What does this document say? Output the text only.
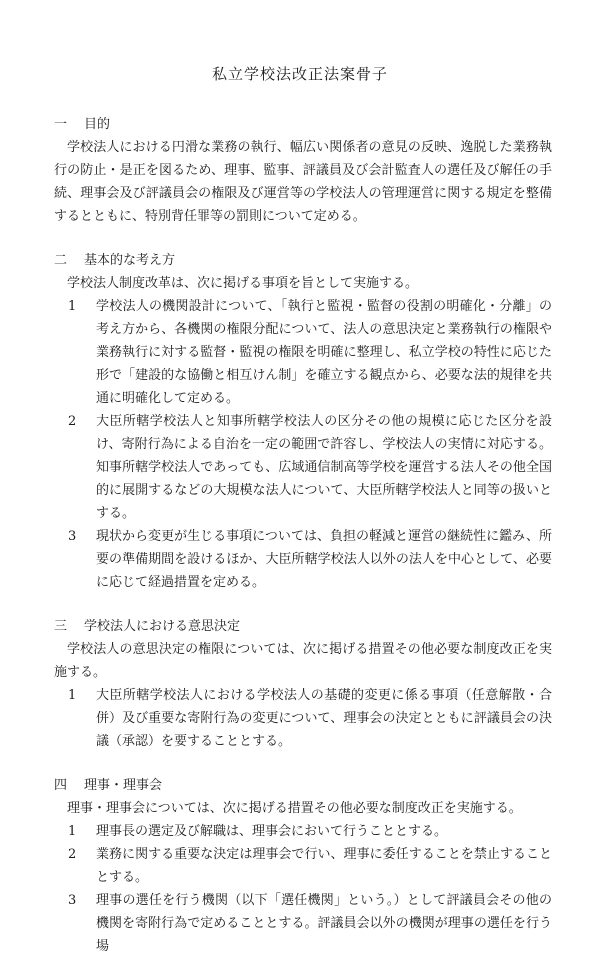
私立学校法改正法案骨子

一 目的

学校法人における円滑な業務の執行、幅広い関係者の意見の反映、逸脱した業務執行の防止・是正を図るため、理事、監事、評議員及び会計監査人の選任及び解任の手続、理事会及び評議員会の権限及び運営等の学校法人の管理運営に関する規定を整備するとともに、特別背任罪等の罰則について定める。

二 基本的な考え方

学校法人制度改革は、次に掲げる事項を旨として実施する。

1	学校法人の機関設計について、「執行と監視・監督の役割の明確化・分離」の考え方から、各機関の権限分配について、法人の意思決定と業務執行の権限や業務執行に対する監督・監視の権限を明確に整理し、私立学校の特性に応じた形で「建設的な協働と相互けん制」を確立する観点から、必要な法的規律を共通に明確化して定める。
2	大臣所轄学校法人と知事所轄学校法人の区分その他の規模に応じた区分を設け、寄附行為による自治を一定の範囲で許容し、学校法人の実情に対応する。知事所轄学校法人であっても、広域通信制高等学校を運営する法人その他全国的に展開するなどの大規模な法人について、大臣所轄学校法人と同等の扱いとする。
3	現状から変更が生じる事項については、負担の軽減と運営の継続性に鑑み、所要の準備期間を設けるほか、大臣所轄学校法人以外の法人を中心として、必要に応じて経過措置を定める。

三 学校法人における意思決定

学校法人の意思決定の権限については、次に掲げる措置その他必要な制度改正を実施する。

1	大臣所轄学校法人における学校法人の基礎的変更に係る事項（任意解散・合併）及び重要な寄附行為の変更について、理事会の決定とともに評議員会の決議（承認）を要することとする。

四 理事・理事会

理事・理事会については、次に掲げる措置その他必要な制度改正を実施する。

1	理事長の選定及び解職は、理事会において行うこととする。
2	業務に関する重要な決定は理事会で行い、理事に委任することを禁止することとする。
3	理事の選任を行う機関（以下「選任機関」という。）として評議員会その他の機関を寄附行為で定めることとする。評議員会以外の機関が理事の選任を行う場
